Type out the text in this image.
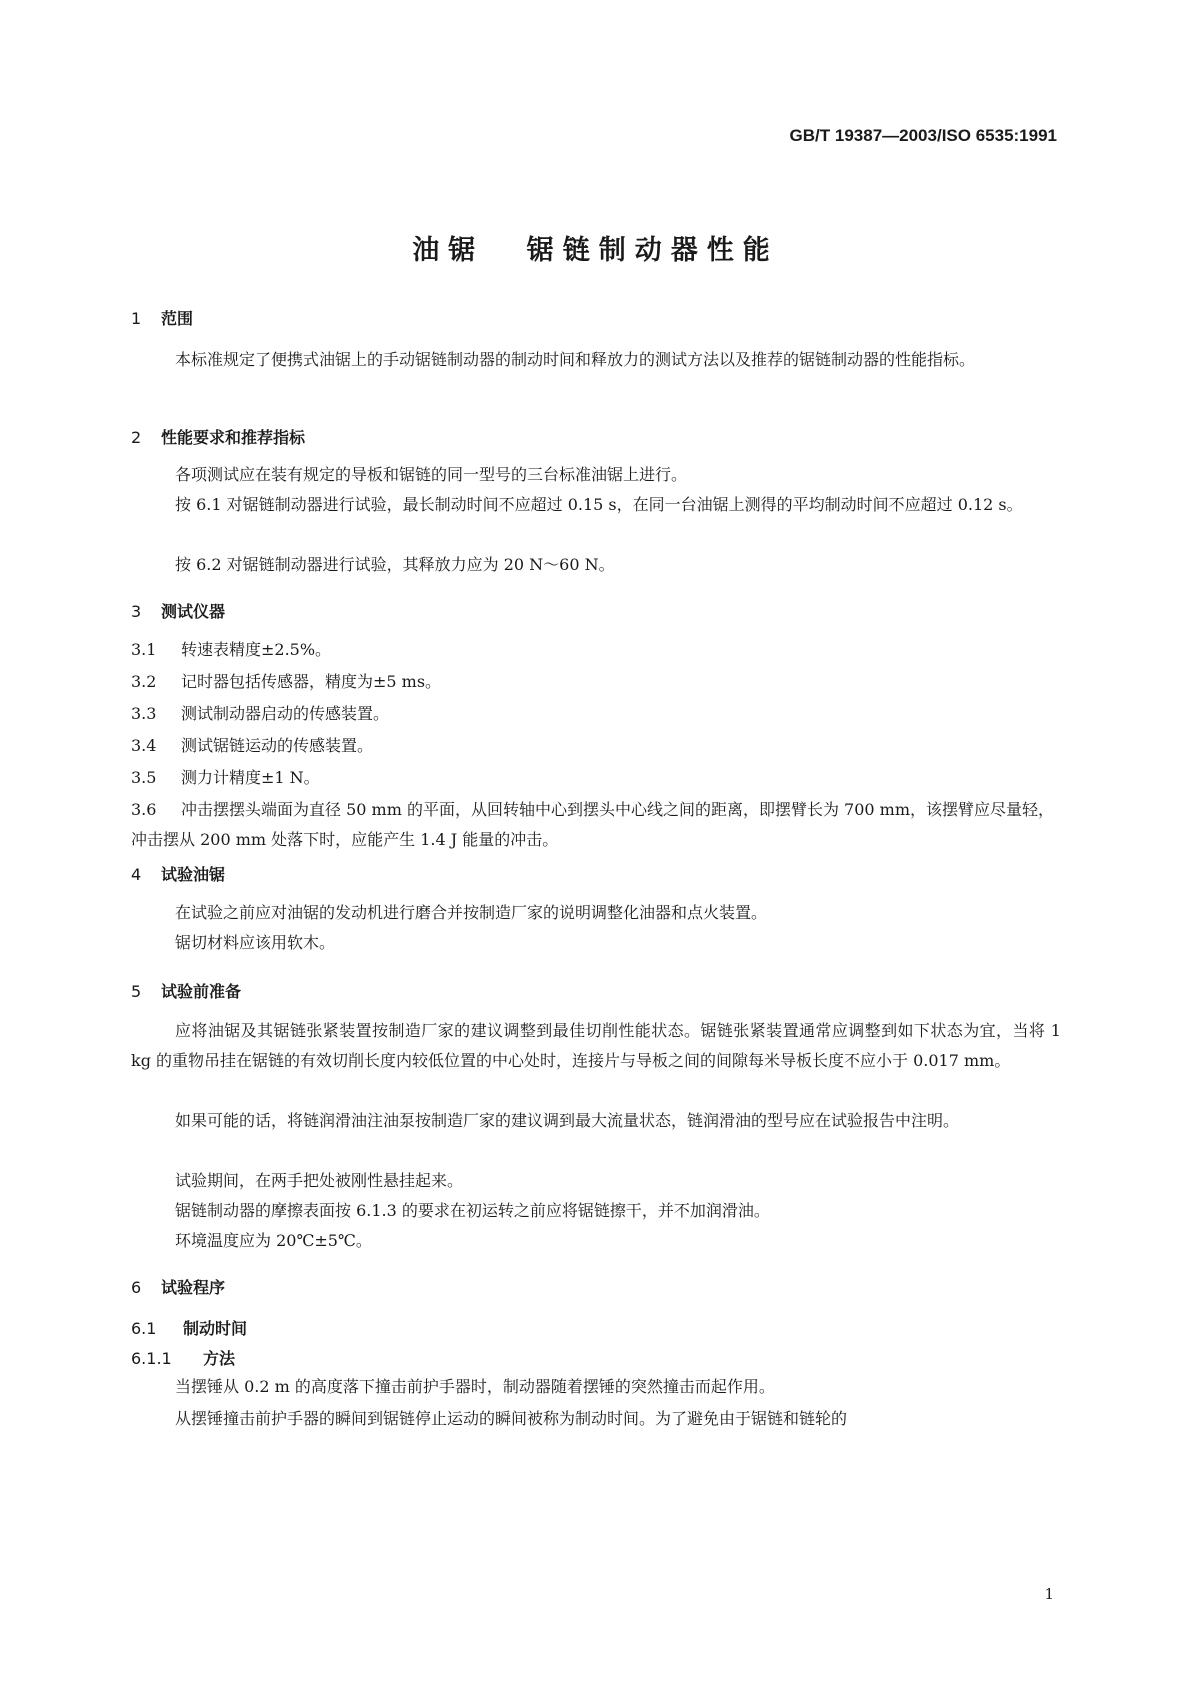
GB/T 19387—2003/ISO 6535:1991
油锯 锯链制动器性能
1 范围
本标准规定了便携式油锯上的手动锯链制动器的制动时间和释放力的测试方法以及推荐的锯链制动器的性能指标。
2 性能要求和推荐指标
各项测试应在装有规定的导板和锯链的同一型号的三台标准油锯上进行。
按 6.1 对锯链制动器进行试验，最长制动时间不应超过 0.15 s，在同一台油锯上测得的平均制动时间不应超过 0.12 s。
按 6.2 对锯链制动器进行试验，其释放力应为 20 N～60 N。
3 测试仪器
3.1 转速表精度±2.5%。
3.2 记时器包括传感器，精度为±5 ms。
3.3 测试制动器启动的传感装置。
3.4 测试锯链运动的传感装置。
3.5 测力计精度±1 N。
3.6 冲击摆摆头端面为直径 50 mm 的平面，从回转轴中心到摆头中心线之间的距离，即摆臂长为 700 mm，该摆臂应尽量轻，冲击摆从 200 mm 处落下时，应能产生 1.4 J 能量的冲击。
4 试验油锯
在试验之前应对油锯的发动机进行磨合并按制造厂家的说明调整化油器和点火装置。
锯切材料应该用软木。
5 试验前准备
应将油锯及其锯链张紧装置按制造厂家的建议调整到最佳切削性能状态。锯链张紧装置通常应调整到如下状态为宜，当将 1 kg 的重物吊挂在锯链的有效切削长度内较低位置的中心处时，连接片与导板之间的间隙每米导板长度不应小于 0.017 mm。
如果可能的话，将链润滑油注油泵按制造厂家的建议调到最大流量状态，链润滑油的型号应在试验报告中注明。
试验期间，在两手把处被刚性悬挂起来。
锯链制动器的摩擦表面按 6.1.3 的要求在初运转之前应将锯链擦干，并不加润滑油。
环境温度应为 20℃±5℃。
6 试验程序
6.1 制动时间
6.1.1 方法
当摆锤从 0.2 m 的高度落下撞击前护手器时，制动器随着摆锤的突然撞击而起作用。
从摆锤撞击前护手器的瞬间到锯链停止运动的瞬间被称为制动时间。为了避免由于锯链和链轮的
1
